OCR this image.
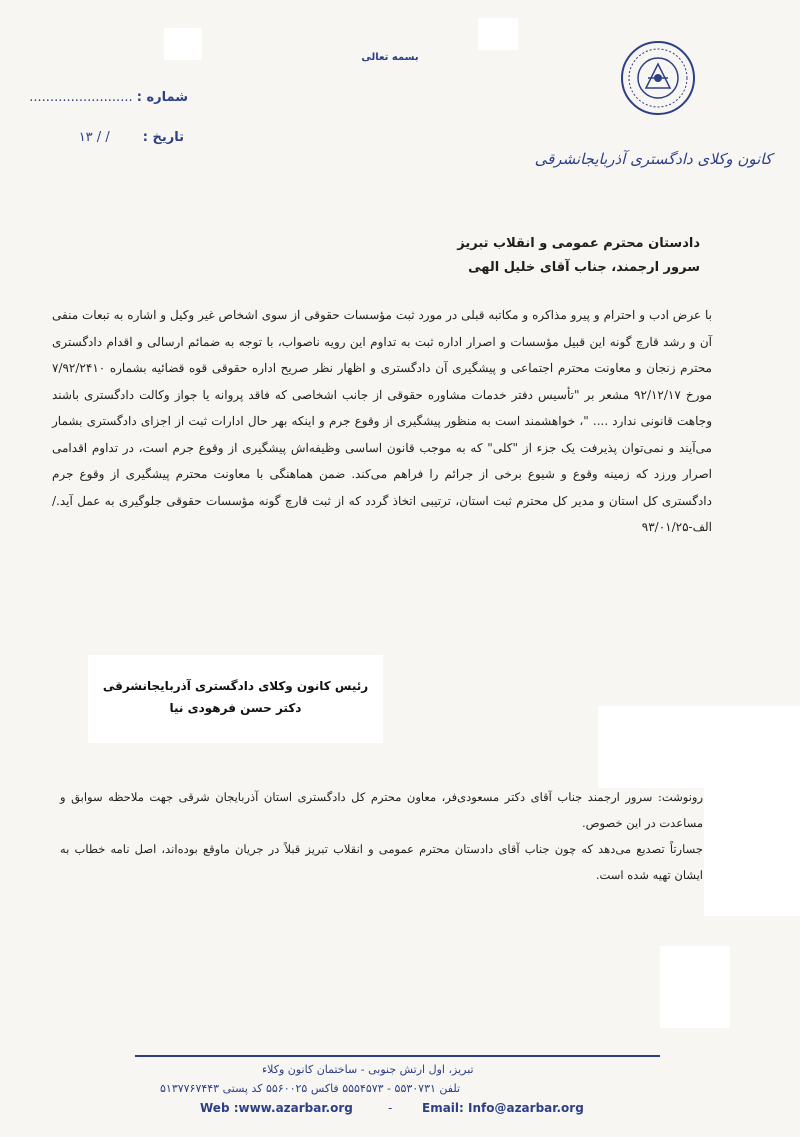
بسمه تعالی
کانون وکلای دادگستری آذربایجانشرقی
شماره : .........................
تاریخ :        / / ۱۳
دادستان محترم عمومی و انقلاب تبریز
سرور ارجمند، جناب آقای خلیل الهی
با عرض ادب و احترام و پیرو مذاکره و مکاتبه قبلی در مورد ثبت مؤسسات حقوقی از سوی اشخاص غیر وکیل و اشاره به تبعات منفی آن و رشد قارچ گونه این قبیل مؤسسات و اصرار اداره ثبت به تداوم این رویه ناصواب، با توجه به ضمائم ارسالی و اقدام دادگستری محترم زنجان و معاونت محترم اجتماعی و پیشگیری آن دادگستری و اظهار نظر صریح اداره حقوقی قوه قضائیه بشماره ۷/۹۲/۲۴۱۰ مورخ ۹۲/۱۲/۱۷ مشعر بر "تأسیس دفتر خدمات مشاوره حقوقی از جانب اشخاصی که فاقد پروانه یا جواز وکالت دادگستری باشند وجاهت قانونی ندارد .... "، خواهشمند است به منظور پیشگیری از وقوع جرم و اینکه بهر حال ادارات ثبت از اجزای دادگستری بشمار می‌آیند و نمی‌توان پذیرفت یک جزء از "کلی" که به موجب قانون اساسی وظیفه‌اش پیشگیری از وقوع جرم است، در تداوم اقدامی اصرار ورزد که زمینه وقوع و شیوع برخی از جرائم را فراهم می‌کند. ضمن هماهنگی با معاونت محترم پیشگیری از وقوع جرم دادگستری کل استان و مدیر کل محترم ثبت استان، ترتیبی اتخاذ گردد که از ثبت قارچ گونه مؤسسات حقوقی جلوگیری به عمل آید./الف-۹۳/۰۱/۲۵
رئیس کانون وکلای دادگستری آذربایجانشرقی
دکتر حسن فرهودی نیا
رونوشت: سرور ارجمند جناب آقای دکتر مسعودی‌فر، معاون محترم کل دادگستری استان آذربایجان شرقی جهت ملاحظه سوابق و مساعدت در این خصوص.
جسارتاً تصدیع می‌دهد که چون جناب آقای دادستان محترم عمومی و انقلاب تبریز قبلاً در جریان ماوقع بوده‌اند، اصل نامه خطاب به ایشان تهیه شده است.
تبریز، اول ارتش جنوبی - ساختمان کانون وکلاء
تلفن ۵۵۳۰۷۳۱ - ۵۵۵۴۵۷۳ فاکس ۵۵۶۰۰۲۵ کد پستی ۵۱۳۷۷۶۷۴۴۳
Web :www.azarbar.org	- Email: Info@azarbar.org
